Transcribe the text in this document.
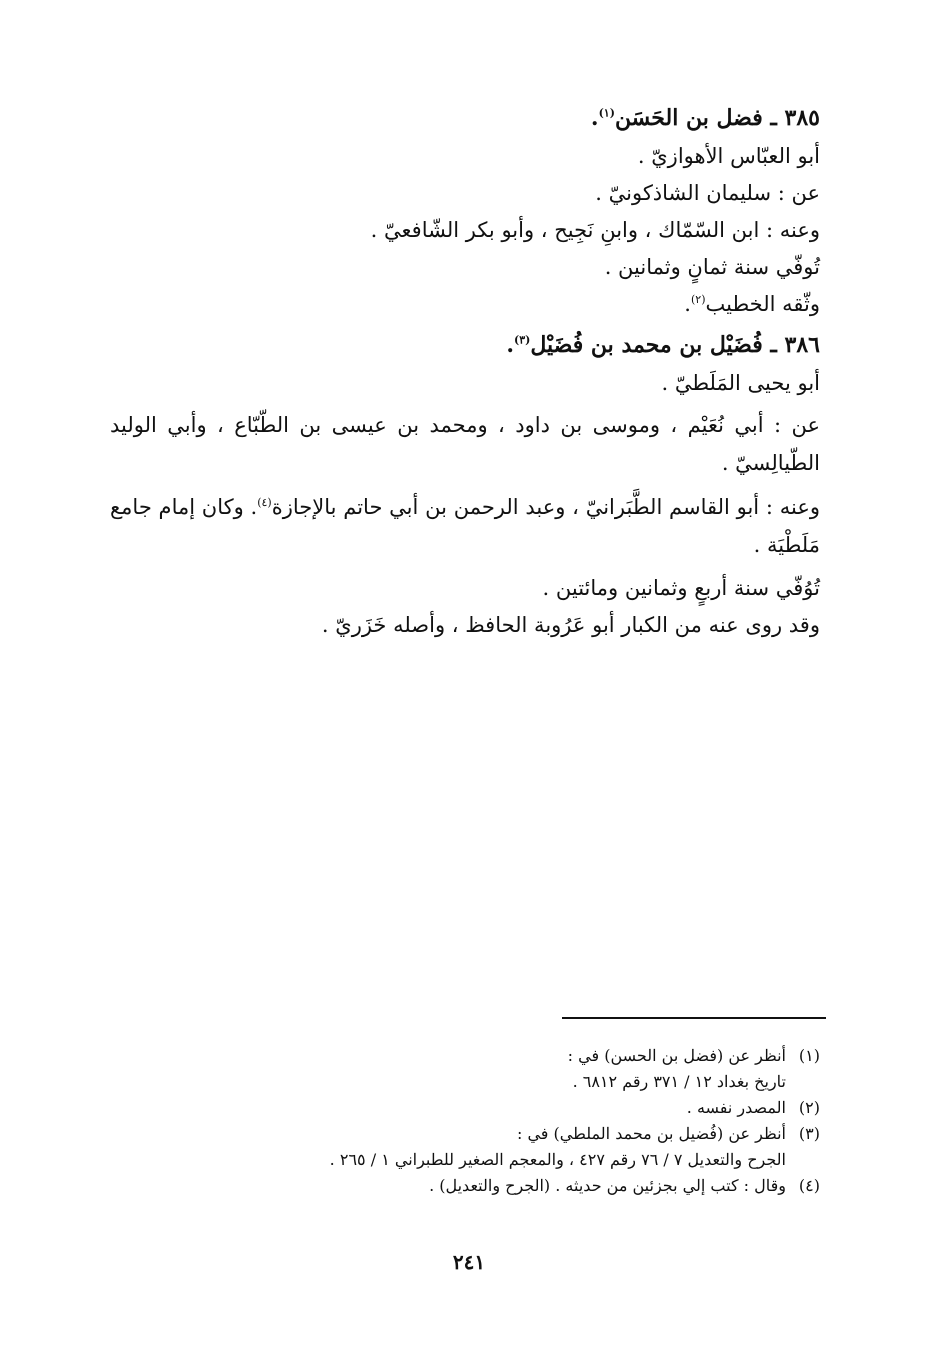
٣٨٥ ـ فضل بن الحَسَن$^{(١)}$.

أبو العبّاس الأهوازيّ .

عن : سليمان الشاذكونيّ .

وعنه : ابن السّمّاك ، وابنِ نَجِيح ، وأبو بكر الشّافعيّ .

تُوفّي سنة ثمانٍ وثمانين .

وثّقه الخطيب$^{(٢)}$.

٣٨٦ ـ فُضَيْل بن محمد بن فُضَيْل$^{(٣)}$.

أبو يحيى المَلَطيّ .

عن : أبي نُعَيْم ، وموسى بن داود ، ومحمد بن عيسى بن الطّبّاع ، وأبي الوليد الطّيالِسيّ .

وعنه : أبو القاسم الطَّبَرانيّ ، وعبد الرحمن بن أبي حاتم بالإجازة$^{(٤)}$. وكان إمام جامع مَلَطْيَة .

تُوُفّي سنة أربعٍ وثمانين ومائتين .

وقد روى عنه من الكبار أبو عَرُوبة الحافظ ، وأصله خَزَريّ .

(١)
أنظر عن (فضل بن الحسن) في :
تاريخ بغداد ١٢ / ٣٧١ رقم ٦٨١٢ .
(٢)
المصدر نفسه .
(٣)
أنظر عن (فُضيل بن محمد الملطي) في :
الجرح والتعديل ٧ / ٧٦ رقم ٤٢٧ ، والمعجم الصغير للطبراني ١ / ٢٦٥ .
(٤)
وقال : كتب إلي بجزئين من حديثه . (الجرح والتعديل) .
٢٤١
